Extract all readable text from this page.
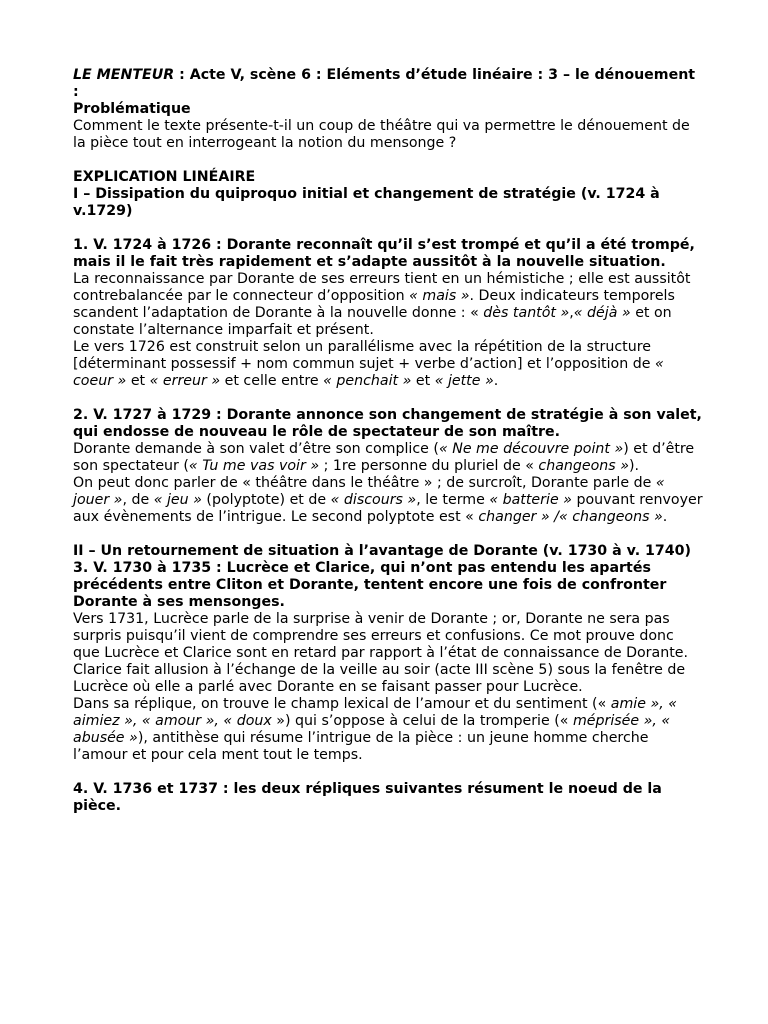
LE MENTEUR : Acte V, scène 6 : Eléments d’étude linéaire : 3 – le dénouement :

Problématique

Comment le texte présente-t-il un coup de théâtre qui va permettre le dénouement de la pièce tout en interrogeant la notion du mensonge ?

EXPLICATION LINÉAIRE

I – Dissipation du quiproquo initial et changement de stratégie (v. 1724 à v.1729)

1. V. 1724 à 1726 : Dorante reconnaît qu’il s’est trompé et qu’il a été trompé, mais il le fait très rapidement et s’adapte aussitôt à la nouvelle situation.

La reconnaissance par Dorante de ses erreurs tient en un hémistiche ; elle est aussitôt contrebalancée par le connecteur d’opposition « mais ». Deux indicateurs temporels scandent l’adaptation de Dorante à la nouvelle donne : « dès tantôt »,« déjà » et on constate l’alternance imparfait et présent.

Le vers 1726 est construit selon un parallélisme avec la répétition de la structure [déterminant possessif + nom commun sujet + verbe d’action] et l’opposition de « coeur » et « erreur » et celle entre « penchait » et « jette ».

2. V. 1727 à 1729 : Dorante annonce son changement de stratégie à son valet, qui endosse de nouveau le rôle de spectateur de son maître.

Dorante demande à son valet d’être son complice (« Ne me découvre point ») et d’être son spectateur (« Tu me vas voir » ; 1re personne du pluriel de « changeons »).

On peut donc parler de « théâtre dans le théâtre » ; de surcroît, Dorante parle de « jouer », de « jeu » (polyptote) et de « discours », le terme « batterie » pouvant renvoyer aux évènements de l’intrigue. Le second polyptote est « changer » /« changeons ».

II – Un retournement de situation à l’avantage de Dorante (v. 1730 à v. 1740)

3. V. 1730 à 1735 : Lucrèce et Clarice, qui n’ont pas entendu les apartés précédents entre Cliton et Dorante, tentent encore une fois de confronter Dorante à ses mensonges.

Vers 1731, Lucrèce parle de la surprise à venir de Dorante ; or, Dorante ne sera pas surpris puisqu’il vient de comprendre ses erreurs et confusions. Ce mot prouve donc que Lucrèce et Clarice sont en retard par rapport à l’état de connaissance de Dorante.

Clarice fait allusion à l’échange de la veille au soir (acte III scène 5) sous la fenêtre de Lucrèce où elle a parlé avec Dorante en se faisant passer pour Lucrèce.

Dans sa réplique, on trouve le champ lexical de l’amour et du sentiment (« amie », « aimiez », « amour », « doux ») qui s’oppose à celui de la tromperie (« méprisée », « abusée »), antithèse qui résume l’intrigue de la pièce : un jeune homme cherche l’amour et pour cela ment tout le temps.

4. V. 1736 et 1737 : les deux répliques suivantes résument le noeud de la pièce.
